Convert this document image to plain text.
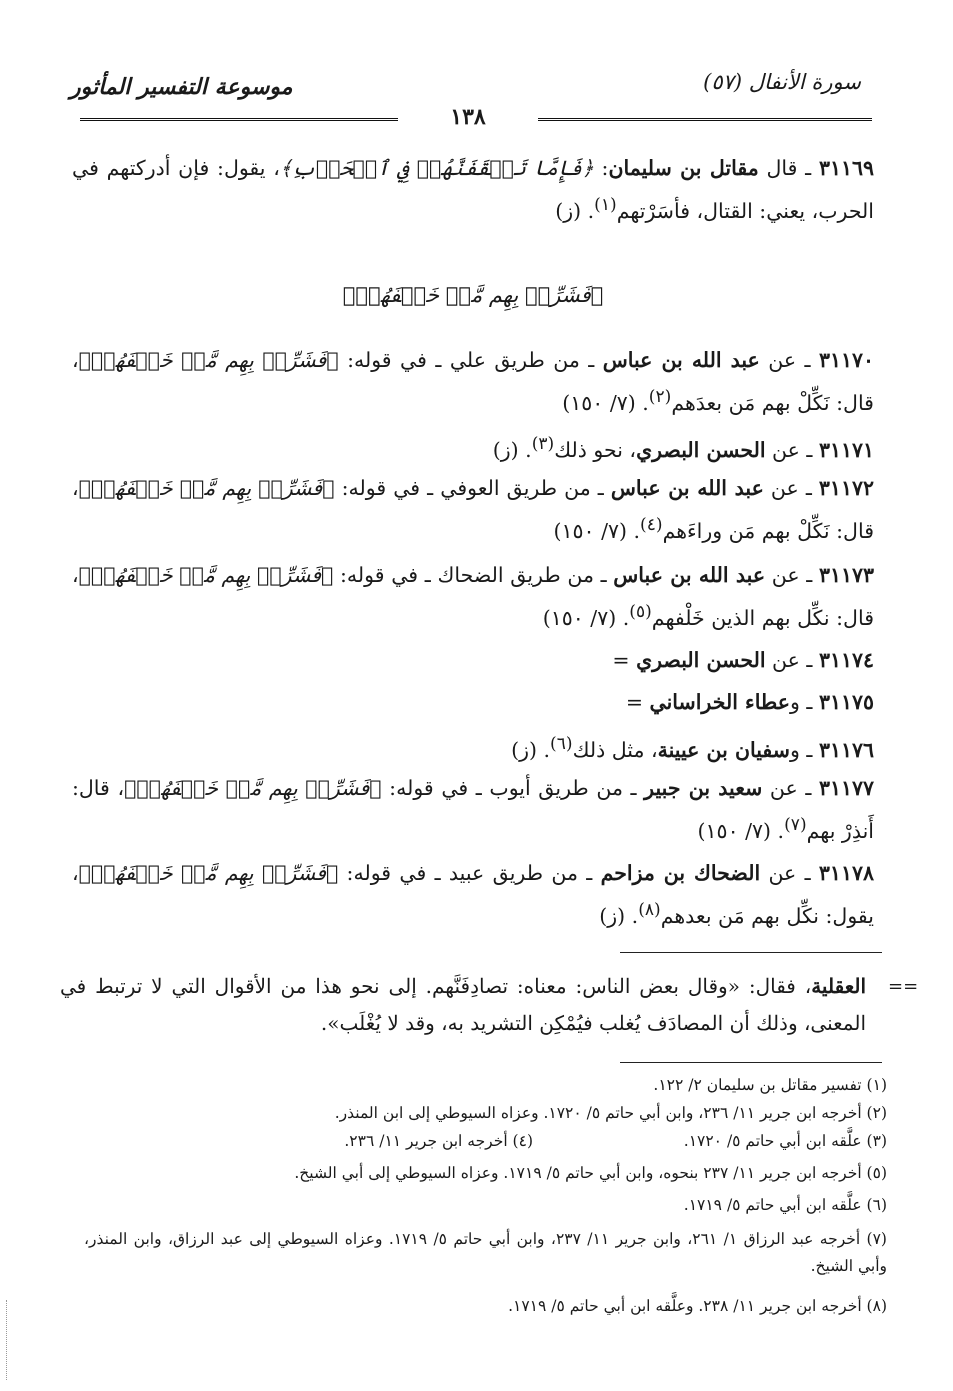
سورة الأنفال (٥٧)
موسوعة التفسير المأثور
١٣٨
٣١١٦٩ ـ قال مقاتل بن سليمان: ﴿فَإِمَّا تَثۡقَفَنَّهُمۡ فِي ٱلۡحَرۡبِ﴾، يقول: فإن أدركتهم في الحرب، يعني: القتال، فأسَرْتهم$^{(١)}$. (ز)
﴿فَشَرِّدۡ بِهِم مَّنۡ خَلۡفَهُمۡ﴾
٣١١٧٠ ـ عن عبد الله بن عباس ـ من طريق علي ـ في قوله: ﴿فَشَرِّدۡ بِهِم مَّنۡ خَلۡفَهُمۡ﴾، قال: نَكِّلْ بهم مَن بعدَهم$^{(٢)}$. (٧/ ١٥٠)
٣١١٧١ ـ عن الحسن البصري، نحو ذلك$^{(٣)}$. (ز)
٣١١٧٢ ـ عن عبد الله بن عباس ـ من طريق العوفي ـ في قوله: ﴿فَشَرِّدۡ بِهِم مَّنۡ خَلۡفَهُمۡ﴾، قال: نَكِّلْ بهم مَن وراءَهم$^{(٤)}$. (٧/ ١٥٠)
٣١١٧٣ ـ عن عبد الله بن عباس ـ من طريق الضحاك ـ في قوله: ﴿فَشَرِّدۡ بِهِم مَّنۡ خَلۡفَهُمۡ﴾، قال: نكِّل بهم الذين خَلْفهم$^{(٥)}$. (٧/ ١٥٠)
٣١١٧٤ ـ عن الحسن البصري =
٣١١٧٥ ـ وعطاء الخراساني =
٣١١٧٦ ـ وسفيان بن عيينة، مثل ذلك$^{(٦)}$. (ز)
٣١١٧٧ ـ عن سعيد بن جبير ـ من طريق أيوب ـ في قوله: ﴿فَشَرِّدۡ بِهِم مَّنۡ خَلۡفَهُمۡ﴾، قال: أَنذِرْ بهم$^{(٧)}$. (٧/ ١٥٠)
٣١١٧٨ ـ عن الضحاك بن مزاحم ـ من طريق عبيد ـ في قوله: ﴿فَشَرِّدۡ بِهِم مَّنۡ خَلۡفَهُمۡ﴾، يقول: نكِّل بهم مَن بعدهم$^{(٨)}$. (ز)
==
العقلية، فقال: «وقال بعض الناس: معناه: تصادِفَنَّهم. إلى نحو هذا من الأقوال التي لا ترتبط في المعنى، وذلك أن المصادَف يُغلب فيُمْكِن التشريد به، وقد لا يُغْلَب».
(١) تفسير مقاتل بن سليمان ٢/ ١٢٢.
(٢) أخرجه ابن جرير ١١/ ٢٣٦، وابن أبي حاتم ٥/ ١٧٢٠. وعزاه السيوطي إلى ابن المنذر.
(٣) علَّقه ابن أبي حاتم ٥/ ١٧٢٠.
(٤) أخرجه ابن جرير ١١/ ٢٣٦.
(٥) أخرجه ابن جرير ١١/ ٢٣٧ بنحوه، وابن أبي حاتم ٥/ ١٧١٩. وعزاه السيوطي إلى أبي الشيخ.
(٦) علَّقه ابن أبي حاتم ٥/ ١٧١٩.
(٧) أخرجه عبد الرزاق ١/ ٢٦١، وابن جرير ١١/ ٢٣٧، وابن أبي حاتم ٥/ ١٧١٩. وعزاه السيوطي إلى عبد الرزاق، وابن المنذر، وأبي الشيخ.
(٨) أخرجه ابن جرير ١١/ ٢٣٨. وعلَّقه ابن أبي حاتم ٥/ ١٧١٩.
